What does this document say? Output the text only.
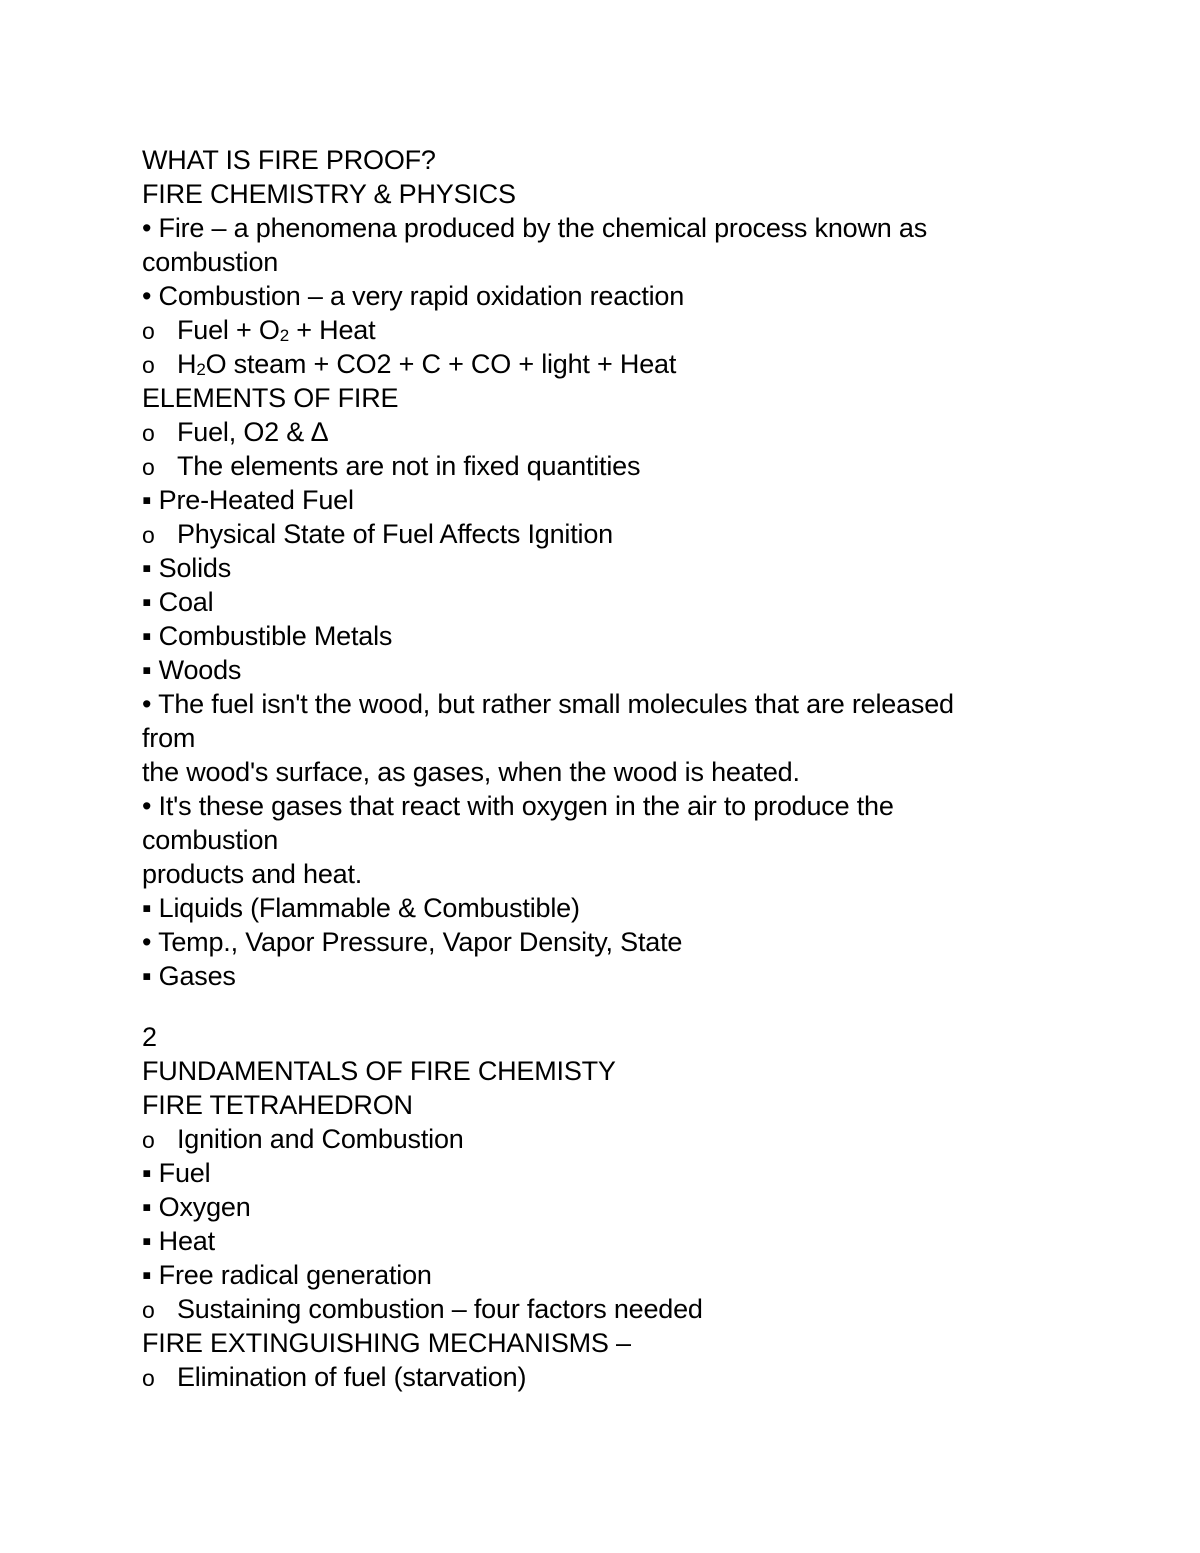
WHAT IS FIRE PROOF?
FIRE CHEMISTRY & PHYSICS
• Fire – a phenomena produced by the chemical process known as
combustion
• Combustion – a very rapid oxidation reaction
o Fuel + O2 + Heat
o H2O steam + CO2 + C + CO + light + Heat
ELEMENTS OF FIRE
o Fuel, O2 & ∆
o The elements are not in fixed quantities
▪ Pre-Heated Fuel
o Physical State of Fuel Affects Ignition
▪ Solids
▪ Coal
▪ Combustible Metals
▪ Woods
• The fuel isn't the wood, but rather small molecules that are released
from
the wood's surface, as gases, when the wood is heated.
• It's these gases that react with oxygen in the air to produce the
combustion
products and heat.
▪ Liquids (Flammable & Combustible)
• Temp., Vapor Pressure, Vapor Density, State
▪ Gases
2
FUNDAMENTALS OF FIRE CHEMISTY
FIRE TETRAHEDRON
o Ignition and Combustion
▪ Fuel
▪ Oxygen
▪ Heat
▪ Free radical generation
o Sustaining combustion – four factors needed
FIRE EXTINGUISHING MECHANISMS –
o Elimination of fuel (starvation)
